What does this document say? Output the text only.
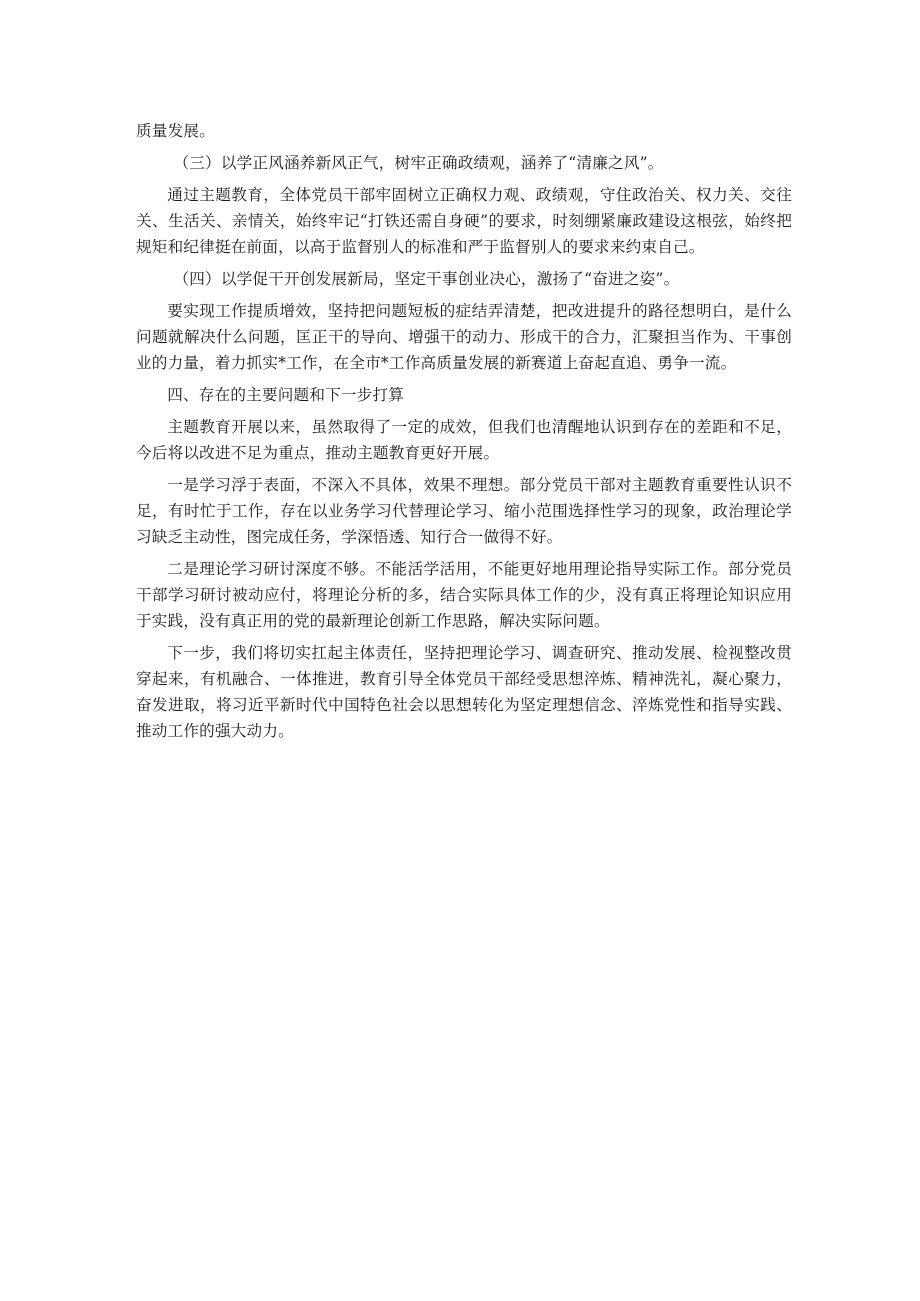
质量发展。

（三）以学正风涵养新风正气，树牢正确政绩观，涵养了“清廉之风”。

通过主题教育，全体党员干部牢固树立正确权力观、政绩观，守住政治关、权力关、交往关、生活关、亲情关，始终牢记“打铁还需自身硬”的要求，时刻绷紧廉政建设这根弦，始终把规矩和纪律挺在前面，以高于监督别人的标准和严于监督别人的要求来约束自己。

（四）以学促干开创发展新局，坚定干事创业决心，激扬了“奋进之姿”。

要实现工作提质增效，坚持把问题短板的症结弄清楚，把改进提升的路径想明白，是什么问题就解决什么问题，匡正干的导向、增强干的动力、形成干的合力，汇聚担当作为、干事创业的力量，着力抓实*工作，在全市*工作高质量发展的新赛道上奋起直追、勇争一流。

四、存在的主要问题和下一步打算

主题教育开展以来，虽然取得了一定的成效，但我们也清醒地认识到存在的差距和不足，今后将以改进不足为重点，推动主题教育更好开展。

一是学习浮于表面，不深入不具体，效果不理想。部分党员干部对主题教育重要性认识不足，有时忙于工作，存在以业务学习代替理论学习、缩小范围选择性学习的现象，政治理论学习缺乏主动性，图完成任务，学深悟透、知行合一做得不好。

二是理论学习研讨深度不够。不能活学活用，不能更好地用理论指导实际工作。部分党员干部学习研讨被动应付，将理论分析的多，结合实际具体工作的少，没有真正将理论知识应用于实践，没有真正用的党的最新理论创新工作思路，解决实际问题。

下一步，我们将切实扛起主体责任，坚持把理论学习、调查研究、推动发展、检视整改贯穿起来，有机融合、一体推进，教育引导全体党员干部经受思想淬炼、精神洗礼，凝心聚力，奋发进取，将习近平新时代中国特色社会以思想转化为坚定理想信念、淬炼党性和指导实践、推动工作的强大动力。
